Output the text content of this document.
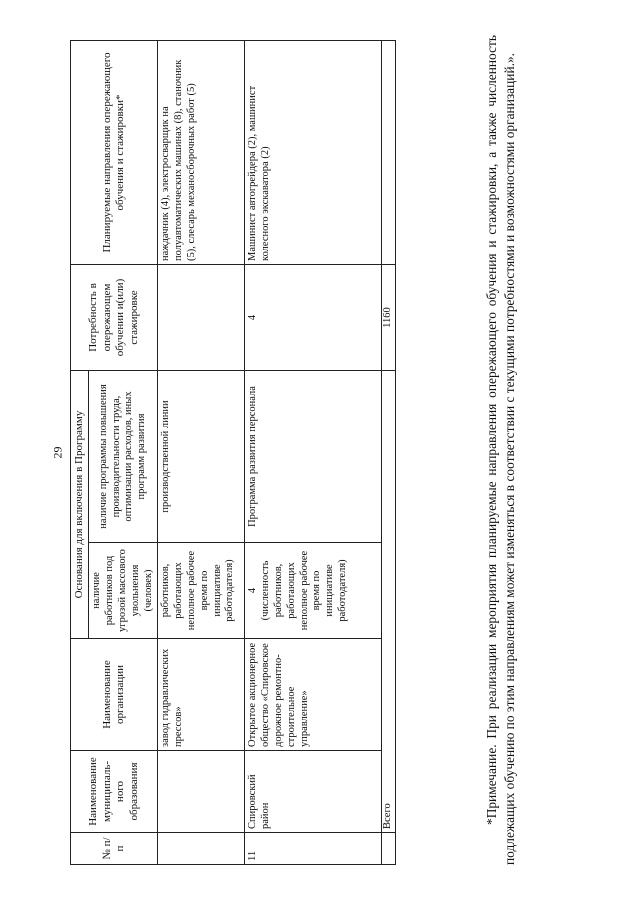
29
№ п/п	Наименование муниципаль-ного образования	Наименование организации	Основания для включения в Программу		Потребность в опережающем обучении и(или) стажировке	Планируемые направления опережающего обучения и стажировки*
			наличие работников под угрозой массового увольнения (человек)	наличие программы повышения производительности труда, оптимизации расходов, иных программ развития		
		завод гидравлических прессов»	работников, работающих неполное рабочее время по инициативе работодателя)	производственной линии		наждачник (4), электросварщик на полуавтоматических машинах (8), станочник (5), слесарь механосборочных работ (5)
11	Спировский район	Открытое акционерное общество «Спировское дорожное ремонтно-строительное управление»	4 (численность работников, работающих неполное рабочее время по инициативе работодателя)	Программа развития персонала	4	Машинист автогрейдера (2), машинист колесного экскаватора (2)
	Всего				1160		*Примечание. При реализации мероприятия планируемые направления опережающего обучения и стажировки, а также численность подлежащих обучению по этим направлениям может изменяться в соответствии с текущими потребностями и возможностями организаций.».
